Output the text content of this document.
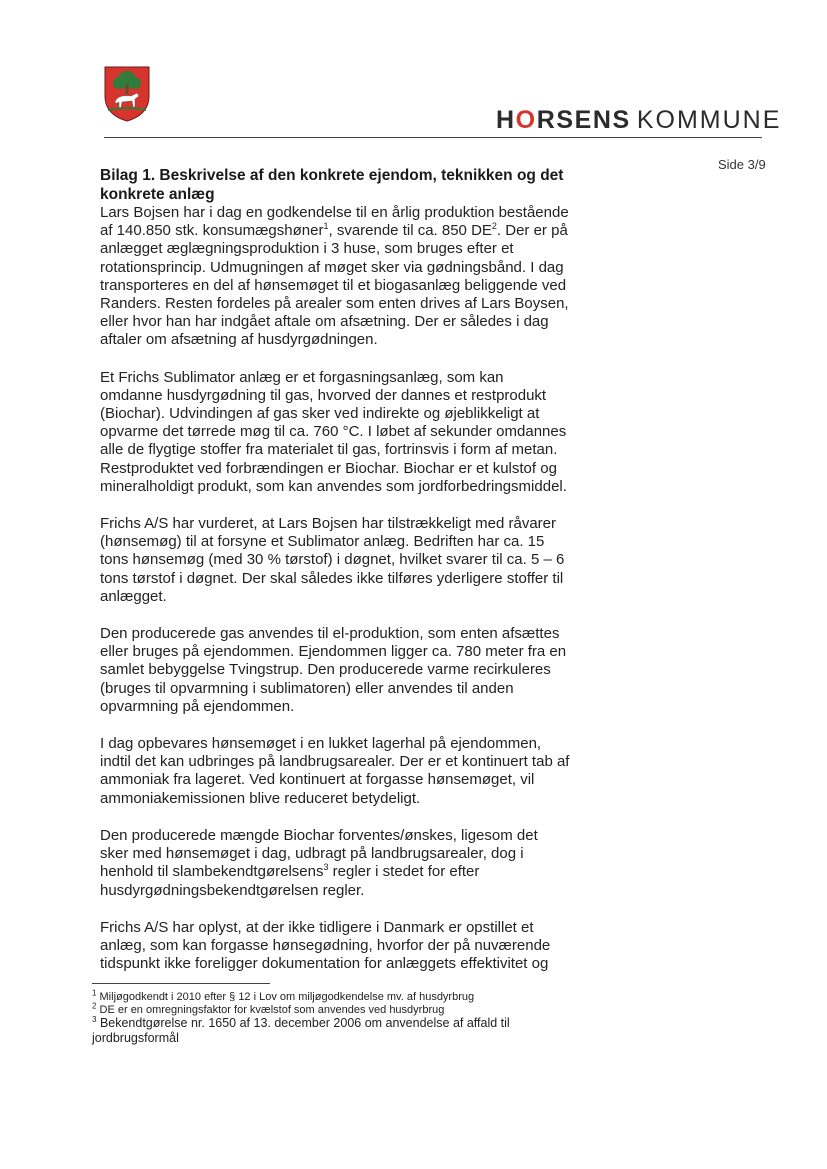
HORSENS KOMMUNE
Side 3/9
Bilag 1. Beskrivelse af den konkrete ejendom, teknikken og det konkrete anlæg

Lars Bojsen har i dag en godkendelse til en årlig produktion bestående af 140.850 stk. konsumægshøner$^1$, svarende til ca. 850 $DE^2$. Der er på anlægget æglægningsproduktion i 3 huse, som bruges efter et rotationsprincip. Udmugningen af møget sker via gødningsbånd. I dag transporteres en del af hønsemøget til et biogasanlæg beliggende ved Randers. Resten fordeles på arealer som enten drives af Lars Boysen, eller hvor han har indgået aftale om afsætning. Der er således i dag aftaler om afsætning af husdyrgødningen.

Et Frichs Sublimator anlæg er et forgasningsanlæg, som kan omdanne husdyrgødning til gas, hvorved der dannes et restprodukt (Biochar). Udvindingen af gas sker ved indirekte og øjeblikkeligt at opvarme det tørrede møg til ca. 760 °C. I løbet af sekunder omdannes alle de flygtige stoffer fra materialet til gas, fortrinsvis i form af metan. Restproduktet ved forbrændingen er Biochar. Biochar er et kulstof og mineralholdigt produkt, som kan anvendes som jordforbedringsmiddel.

Frichs A/S har vurderet, at Lars Bojsen har tilstrækkeligt med råvarer (hønsemøg) til at forsyne et Sublimator anlæg. Bedriften har ca. 15 tons hønsemøg (med 30 % tørstof) i døgnet, hvilket svarer til ca. 5 – 6 tons tørstof i døgnet. Der skal således ikke tilføres yderligere stoffer til anlægget.

Den producerede gas anvendes til el-produktion, som enten afsættes eller bruges på ejendommen. Ejendommen ligger ca. 780 meter fra en samlet bebyggelse Tvingstrup. Den producerede varme recirkuleres (bruges til opvarmning i sublimatoren) eller anvendes til anden opvarmning på ejendommen.

I dag opbevares hønsemøget i en lukket lagerhal på ejendommen, indtil det kan udbringes på landbrugsarealer. Der er et kontinuert tab af ammoniak fra lageret. Ved kontinuert at forgasse hønsemøget, vil ammoniakemissionen blive reduceret betydeligt.

Den producerede mængde Biochar forventes/ønskes, ligesom det sker med hønsemøget i dag, udbragt på landbrugsarealer, dog i henhold til slambekendtgørelsens$^3$ regler i stedet for efter husdyrgødningsbekendtgørelsen regler.

Frichs A/S har oplyst, at der ikke tidligere i Danmark er opstillet et anlæg, som kan forgasse hønsegødning, hvorfor der på nuværende tidspunkt ikke foreligger dokumentation for anlæggets effektivitet og

$^1$ Miljøgodkendt i 2010 efter § 12 i Lov om miljøgodkendelse mv. af husdyrbrug

$^2$ DE er en omregningsfaktor for kvælstof som anvendes ved husdyrbrug

$^3$ Bekendtgørelse nr. 1650 af 13. december 2006 om anvendelse af affald til jordbrugsformål
